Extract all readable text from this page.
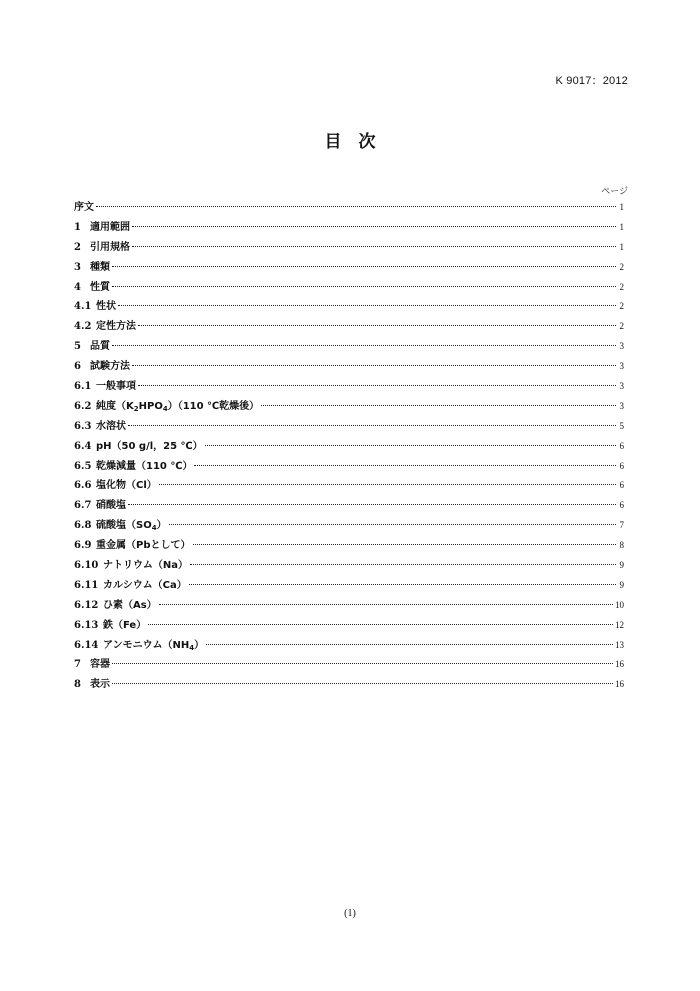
K 9017：2012
目　次
ページ
序文	1
1 適用範囲	1
2 引用規格	1
3 種類	2
4 性質	2
4.1 性状	2
4.2 定性方法	2
5 品質	3
6 試験方法	3
6.1 一般事項	3
6.2 純度$(K_2HPO_4)(110$ ℃乾燥後）	3
6.3 水溶状	5
6.4 pH（50 g/l，25 ℃）	6
6.5 乾燥減量（110 ℃）	6
6.6 塩化物（Cl）	6
6.7 硝酸塩	6
6.8 硫酸塩$(SO_4)$	7
6.9 重金属（Pbとして）	8
6.10 ナトリウム（Na）	9
6.11 カルシウム（Ca）	9
6.12 ひ素（As）	10
6.13 鉄（Fe）	12
6.14 アンモニウム$(NH_4)$	13
7 容器	16
8 表示	16
(1)
